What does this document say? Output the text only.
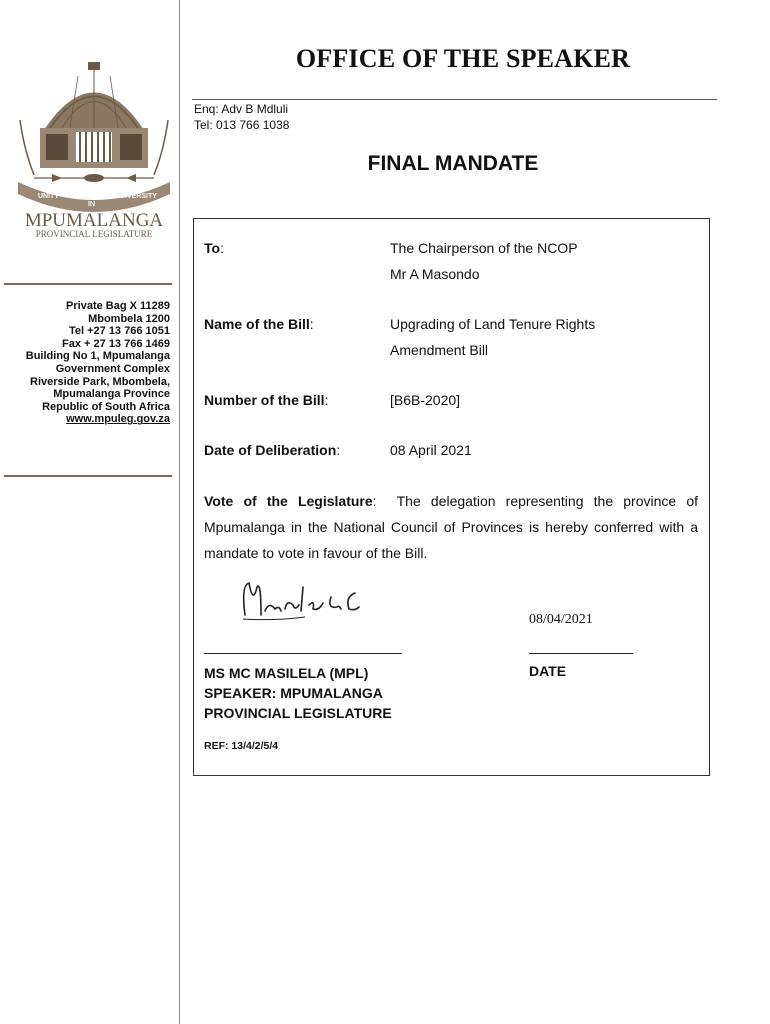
UNITY
IN
DIVERSITY
MPUMALANGA
PROVINCIAL LEGISLATURE
Private Bag X 11289
Mbombela 1200
Tel +27 13 766 1051
Fax + 27 13 766 1469
Building No 1, Mpumalanga
Government Complex
Riverside Park, Mbombela,
Mpumalanga Province
Republic of South Africa
www.mpuleg.gov.za
OFFICE OF THE SPEAKER
Enq: Adv B Mdluli
Tel: 013 766 1038
FINAL MANDATE
To:	The Chairperson of the NCOP
Mr A Masondo
Name of the Bill:	Upgrading of Land Tenure Rights
Amendment Bill
Number of the Bill:	[B6B-2020]
Date of Deliberation:	08 April 2021
Vote of the Legislature:  The delegation representing the province of Mpumalanga in the National Council of Provinces is hereby conferred with a mandate to vote in favour of the Bill.
08/04/2021
MS MC MASILELA (MPL)
SPEAKER: MPUMALANGA
PROVINCIAL LEGISLATURE
DATE
REF: 13/4/2/5/4
